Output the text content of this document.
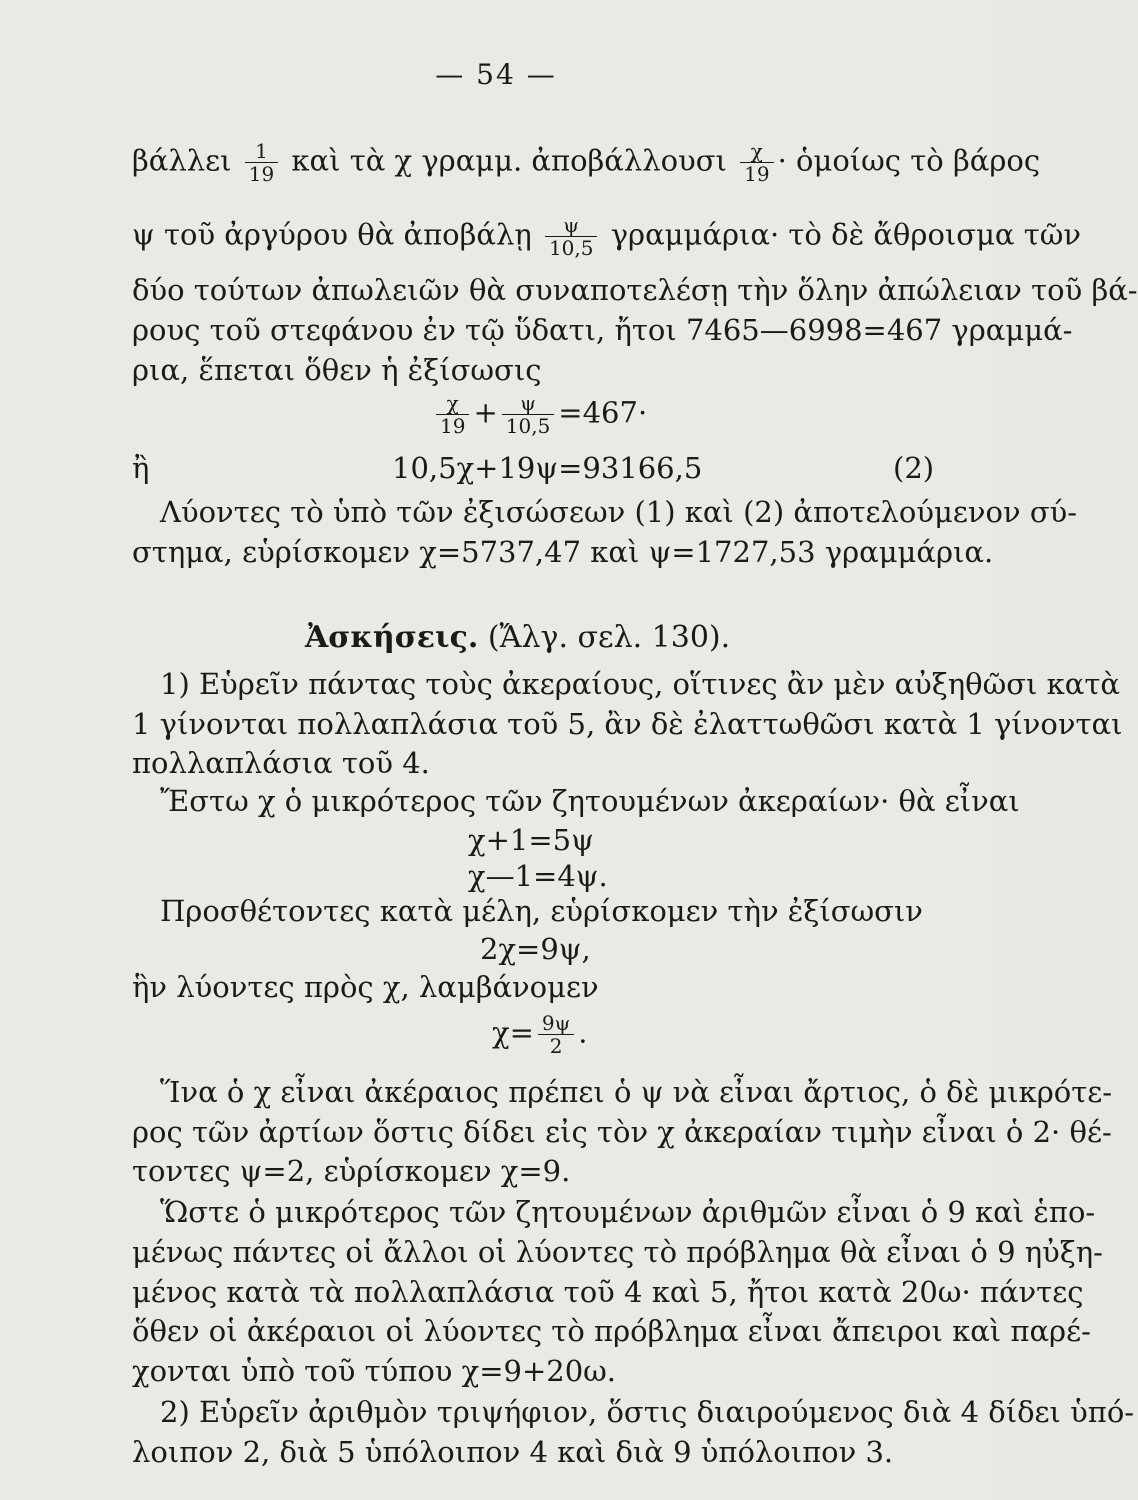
— 54 —
βάλλει $\frac{1}{19}$ καὶ τὰ χ γραμμ. ἀποβάλλουσι $\frac{\chi}{19}$ · ὁμοίως τὸ βάρος
ψ τοῦ ἀργύρου θὰ ἀποβάλῃ $\frac{\psi}{10,5} \gamma\rho\alpha\mu\mu ά\rho\iota\alpha\cdot$ τὸ δὲ ἄθροισμα τῶν
δύο τούτων ἀπωλειῶν θὰ συναποτελέσῃ τὴν ὅλην ἀπώλειαν τοῦ βά-
ρους τοῦ στεφάνου ἐν τῷ ὕδατι, ἤτοι 7465—6998=467 γραμμά-
ρια, ἕπεται ὅθεν ἡ ἐξίσωσις
$\frac{\chi}{19} + \frac{\psi}{10,5} =467\cdot$
ἢ	10,5χ+19ψ=93166,5	(2)
Λύοντες τὸ ὑπὸ τῶν ἐξισώσεων (1) καὶ (2) ἀποτελούμενον σύ-
στημα, εὑρίσκομεν χ=5737,47 καὶ ψ=1727,53 γραμμάρια.
Ἀσκήσεις. (Ἄλγ. σελ. 130).
1) Εὑρεῖν πάντας τοὺς ἀκεραίους, οἵτινες ἂν μὲν αὐξηθῶσι κατὰ
1 γίνονται πολλαπλάσια τοῦ 5, ἂν δὲ ἐλαττωθῶσι κατὰ 1 γίνονται
πολλαπλάσια τοῦ 4.
Ἔστω χ ὁ μικρότερος τῶν ζητουμένων ἀκεραίων· θὰ εἶναι
χ+1=5ψ
χ—1=4ψ.
Προσθέτοντες κατὰ μέλη, εὑρίσκομεν τὴν ἐξίσωσιν
2χ=9ψ,
ἣν λύοντες πρὸς χ, λαμβάνομεν
$\chi= \frac{9\psi}{2}$ .
Ἵνα ὁ χ εἶναι ἀκέραιος πρέπει ὁ ψ νὰ εἶναι ἄρτιος, ὁ δὲ μικρότε-
ρος τῶν ἀρτίων ὅστις δίδει εἰς τὸν χ ἀκεραίαν τιμὴν εἶναι ὁ 2· θέ-
τοντες ψ=2, εὑρίσκομεν χ=9.
Ὥστε ὁ μικρότερος τῶν ζητουμένων ἀριθμῶν εἶναι ὁ 9 καὶ ἑπο-
μένως πάντες οἱ ἄλλοι οἱ λύοντες τὸ πρόβλημα θὰ εἶναι ὁ 9 ηὐξη-
μένος κατὰ τὰ πολλαπλάσια τοῦ 4 καὶ 5, ἤτοι κατὰ 20ω· πάντες
ὅθεν οἱ ἀκέραιοι οἱ λύοντες τὸ πρόβλημα εἶναι ἄπειροι καὶ παρέ-
χονται ὑπὸ τοῦ τύπου χ=9+20ω.
2) Εὑρεῖν ἀριθμὸν τριψήφιον, ὅστις διαιρούμενος διὰ 4 δίδει ὑπό-
λοιπον 2, διὰ 5 ὑπόλοιπον 4 καὶ διὰ 9 ὑπόλοιπον 3.
